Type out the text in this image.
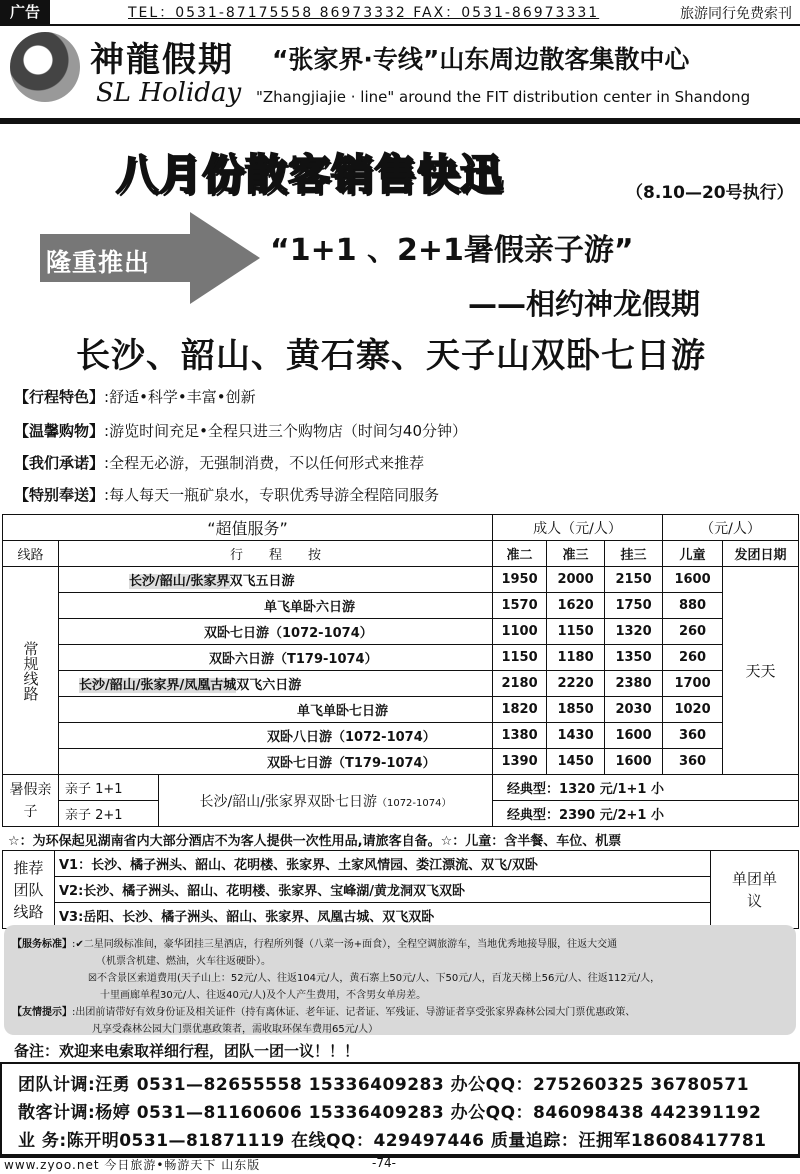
广告	TEL：0531-87175558 86973332 FAX：0531-86973331	旅游同行免费索刊
神龍假期
SL Holiday
“张家界·专线”山东周边散客集散中心
"Zhangjiajie · line" around the FIT distribution center in Shandong
八月份散客销售快迅	（8.10—20号执行）
隆重推出	“1+1 、2+1暑假亲子游”
——相约神龙假期
长沙、韶山、黄石寨、天子山双卧七日游
【行程特色】:舒适•科学•丰富•创新
【温馨购物】:游览时间充足•全程只进三个购物店（时间匀40分钟）
【我们承诺】:全程无必游，无强制消费，不以任何形式来推荐
【特别奉送】:每人每天一瓶矿泉水，专职优秀导游全程陪同服务
“超值服务”			成人（元/人）			（元/人）	
线路	行　　程　　按		准二	准三	挂三	儿童	发团日期
常规线路	长沙/韶山/张家界双飞五日游		1950	2000	2150	1600	天天
	单飞单卧六日游		1570	1620	1750	880	
	双卧七日游（1072-1074）		1100	1150	1320	260	
	双卧六日游（T179-1074）		1150	1180	1350	260	
	长沙/韶山/张家界/凤凰古城双飞六日游		2180	2220	2380	1700	
	单飞单卧七日游		1820	1850	2030	1020	
	双卧八日游（1072-1074）		1380	1430	1600	360	
	双卧七日游（T179-1074）		1390	1450	1600	360	
暑假亲子	亲子 1+1	长沙/韶山/张家界双卧七日游（1072-1074）	经典型：1320 元/1+1 小				
	亲子 2+1		经典型：2390 元/2+1 小				
☆：为环保起见湖南省内大部分酒店不为客人提供一次性用品,请旅客自备。☆：儿童：含半餐、车位、机票
推荐团队线路	V1：长沙、橘子洲头、韶山、花明楼、张家界、土家风情园、娄江漂流、双飞/双卧	单团单议
V2:长沙、橘子洲头、韶山、花明楼、张家界、宝峰湖/黄龙洞双飞双卧
V3:岳阳、长沙、橘子洲头、韶山、张家界、凤凰古城、双飞双卧
【服务标准】:✔二星同级标准间，豪华团挂三星酒店，行程所列餐（八菜一汤+面食），全程空调旅游车，当地优秀地接导服，往返大交通
（机票含机建、燃油，火车往返硬卧）。
☒不含景区索道费用(天子山上：52元/人、往返104元/人，黄石寨上50元/人、下50元/人，百龙天梯上56元/人、往返112元/人，
十里画廊单程30元/人、往返40元/人)及个人产生费用，不含男女单房差。
【友情提示】:出团前请带好有效身份证及相关证件（持有离休证、老年证、记者证、军残证、导游证者享受张家界森林公园大门票优惠政策、
凡享受森林公园大门票优惠政策者，需收取环保车费用65元/人）
备注：欢迎来电索取祥细行程，团队一团一议！！！
团队计调:汪勇 0531—82655558 15336409283 办公QQ：275260325 36780571
散客计调:杨婷 0531—81160606 15336409283 办公QQ：846098438 442391192
业 务:陈开明0531—81871119 在线QQ：429497446 质量追踪：汪拥军18608417781
www.zyoo.net 今日旅游•畅游天下 山东版	-74-
